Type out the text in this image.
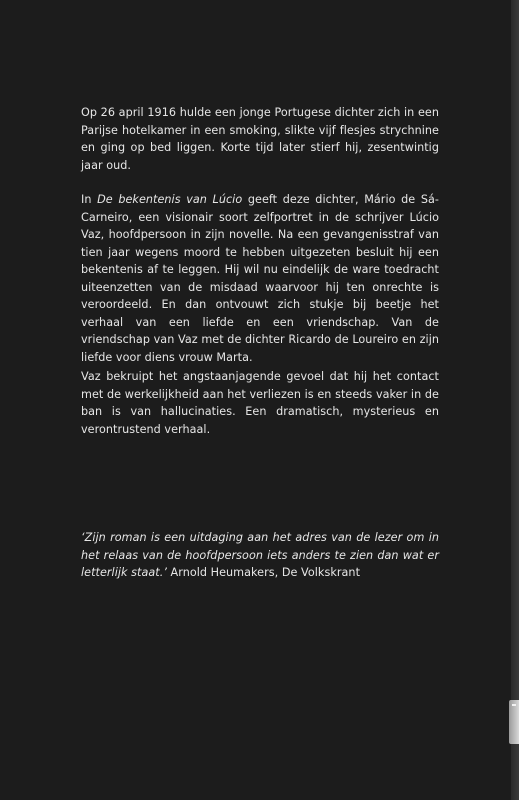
Op 26 april 1916 hulde een jonge Portugese dichter zich in een Parijse hotelkamer in een smoking, slikte vijf flesjes strychnine en ging op bed liggen. Korte tijd later stierf hij, zesentwintig jaar oud.

In De bekentenis van Lúcio geeft deze dichter, Mário de Sá-Carneiro, een visionair soort zelfportret in de schrijver Lúcio Vaz, hoofdpersoon in zijn novelle. Na een gevangenisstraf van tien jaar wegens moord te hebben uitgezeten besluit hij een bekentenis af te leggen. Hij wil nu eindelijk de ware toedracht uiteenzetten van de misdaad waarvoor hij ten onrechte is veroordeeld. En dan ontvouwt zich stukje bij beetje het verhaal van een liefde en een vriendschap. Van de vriendschap van Vaz met de dichter Ricardo de Loureiro en zijn liefde voor diens vrouw Marta.

Vaz bekruipt het angstaanjagende gevoel dat hij het contact met de werkelijkheid aan het verliezen is en steeds vaker in de ban is van hallucinaties. Een dramatisch, mysterieus en verontrustend verhaal.

‘Zijn roman is een uitdaging aan het adres van de lezer om in het relaas van de hoofdpersoon iets anders te zien dan wat er letterlijk staat.’ Arnold Heumakers, De Volkskrant
